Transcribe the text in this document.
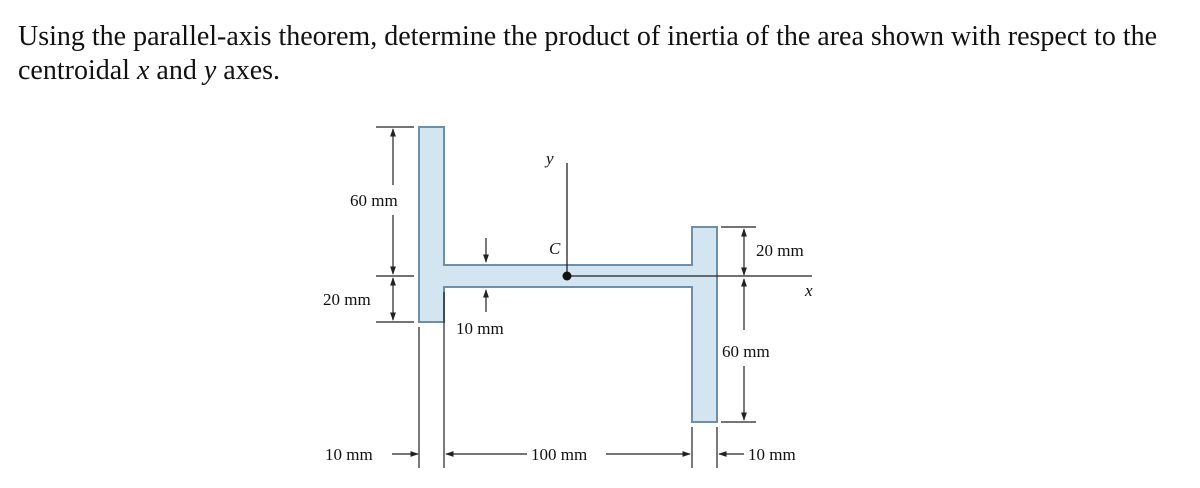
Using the parallel-axis theorem, determine the product of inertia of the area shown with respect to the centroidal x and y axes.
y
x
C
60 mm
20 mm
10 mm
20 mm
60 mm
10 mm	100 mm	10 mm
